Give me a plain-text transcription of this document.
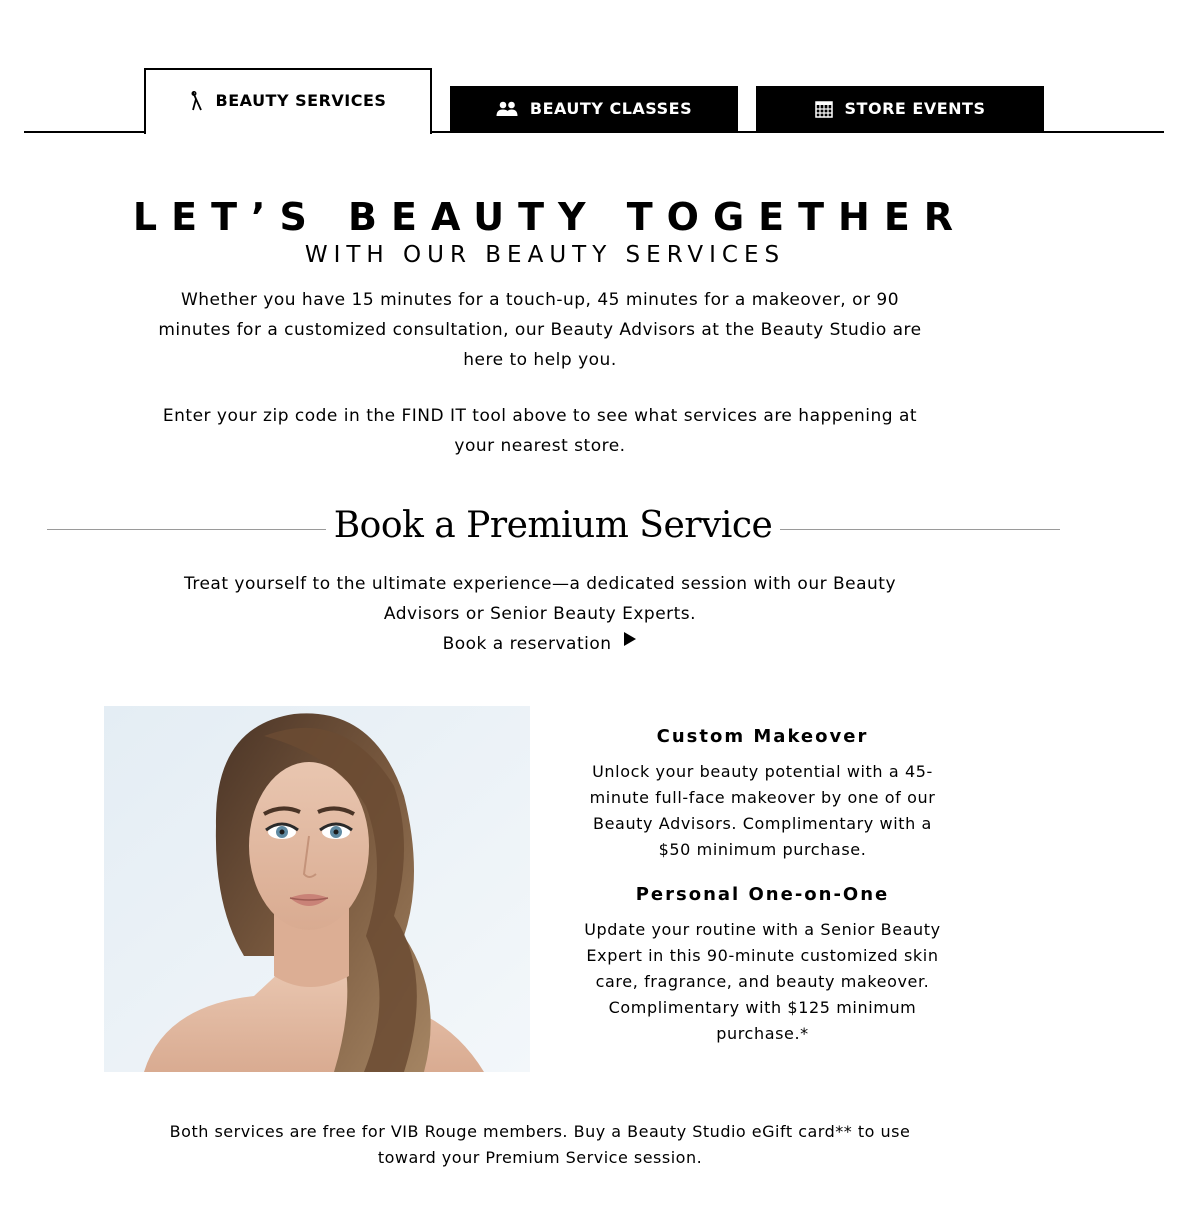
BEAUTY SERVICES	BEAUTY CLASSES	STORE EVENTS
LET’S BEAUTY TOGETHER
WITH OUR BEAUTY SERVICES

Whether you have 15 minutes for a touch-up, 45 minutes for a makeover, or 90 minutes for a customized consultation, our Beauty Advisors at the Beauty Studio are here to help you.

Enter your zip code in the FIND IT tool above to see what services are happening at your nearest store.

Book a Premium Service

Treat yourself to the ultimate experience—a dedicated session with our Beauty Advisors or Senior Beauty Experts.

Book a reservation
Custom Makeover

Unlock your beauty potential with a 45-minute full-face makeover by one of our Beauty Advisors. Complimentary with a $50 minimum purchase.

Personal One-on-One

Update your routine with a Senior Beauty Expert in this 90-minute customized skin care, fragrance, and beauty makeover. Complimentary with $125 minimum purchase.*

Both services are free for VIB Rouge members. Buy a Beauty Studio eGift card** to use toward your Premium Service session.
